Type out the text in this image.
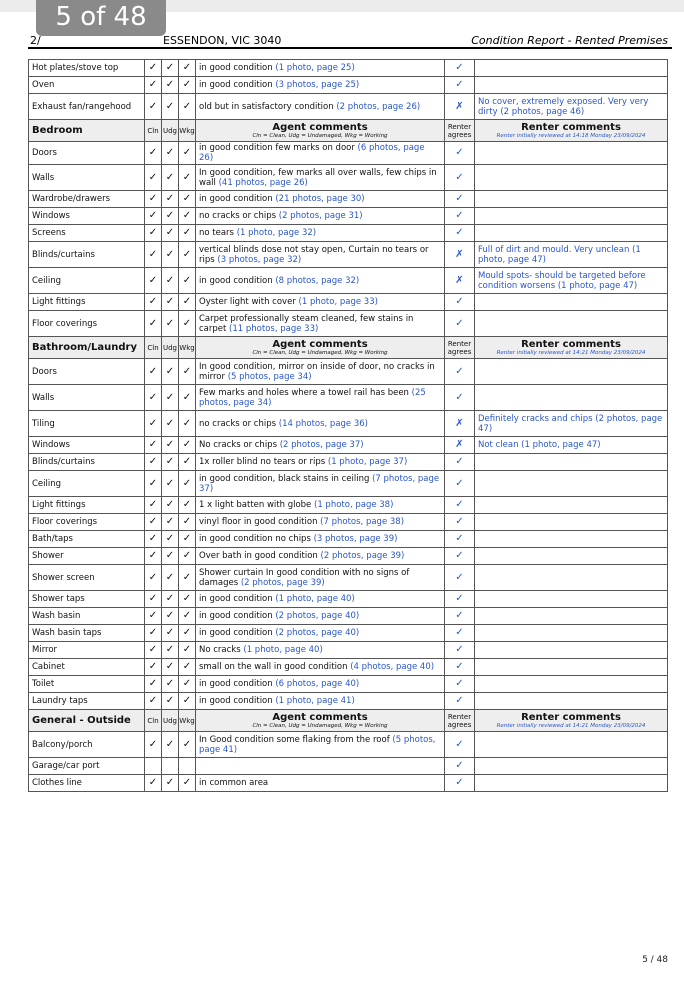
5 of 48
2/	ESSENDON, VIC 3040	Condition Report - Rented Premises
Hot plates/stove top	✓	✓	✓	in good condition (1 photo, page 25)	✓	
Oven	✓	✓	✓	in good condition (3 photos, page 25)	✓	
Exhaust fan/rangehood	✓	✓	✓	old but in satisfactory condition (2 photos, page 26)	✗	No cover, extremely exposed. Very very dirty (2 photos, page 46)
Bedroom	Cln	Udg	Wkg	Agent comments
Cln = Clean, Udg = Undamaged, Wkg = Working	Renter agrees	Renter comments
Renter initially reviewed at 14:18 Monday 23/09/2024

Doors	✓	✓	✓	in good condition few marks on door (6 photos, page 26)	✓	
Walls	✓	✓	✓	In good condition, few marks all over walls, few chips in wall (41 photos, page 26)	✓	
Wardrobe/drawers	✓	✓	✓	in good condition (21 photos, page 30)	✓	
Windows	✓	✓	✓	no cracks or chips (2 photos, page 31)	✓	
Screens	✓	✓	✓	no tears (1 photo, page 32)	✓	
Blinds/curtains	✓	✓	✓	vertical blinds dose not stay open, Curtain no tears or rips (3 photos, page 32)	✗	Full of dirt and mould. Very unclean (1 photo, page 47)
Ceiling	✓	✓	✓	in good condition (8 photos, page 32)	✗	Mould spots- should be targeted before condition worsens (1 photo, page 47)
Light fittings	✓	✓	✓	Oyster light with cover (1 photo, page 33)	✓	
Floor coverings	✓	✓	✓	Carpet professionally steam cleaned, few stains in carpet (11 photos, page 33)	✓	
Bathroom/Laundry	Cln	Udg	Wkg	Agent comments
Cln = Clean, Udg = Undamaged, Wkg = Working	Renter agrees	Renter comments
Renter initially reviewed at 14:21 Monday 23/09/2024

Doors	✓	✓	✓	In good condition, mirror on inside of door, no cracks in mirror (5 photos, page 34)	✓	
Walls	✓	✓	✓	Few marks and holes where a towel rail has been (25 photos, page 34)	✓	
Tiling	✓	✓	✓	no cracks or chips (14 photos, page 36)	✗	Definitely cracks and chips (2 photos, page 47)
Windows	✓	✓	✓	No cracks or chips (2 photos, page 37)	✗	Not clean (1 photo, page 47)
Blinds/curtains	✓	✓	✓	1x roller blind no tears or rips (1 photo, page 37)	✓	
Ceiling	✓	✓	✓	in good condition, black stains in ceiling (7 photos, page 37)	✓	
Light fittings	✓	✓	✓	1 x light batten with globe (1 photo, page 38)	✓	
Floor coverings	✓	✓	✓	vinyl floor in good condition (7 photos, page 38)	✓	
Bath/taps	✓	✓	✓	in good condition no chips (3 photos, page 39)	✓	
Shower	✓	✓	✓	Over bath in good condition (2 photos, page 39)	✓	
Shower screen	✓	✓	✓	Shower curtain In good condition with no signs of damages (2 photos, page 39)	✓	
Shower taps	✓	✓	✓	in good condition (1 photo, page 40)	✓	
Wash basin	✓	✓	✓	in good condition (2 photos, page 40)	✓	
Wash basin taps	✓	✓	✓	in good condition (2 photos, page 40)	✓	
Mirror	✓	✓	✓	No cracks (1 photo, page 40)	✓	
Cabinet	✓	✓	✓	small on the wall in good condition (4 photos, page 40)	✓	
Toilet	✓	✓	✓	in good condition (6 photos, page 40)	✓	
Laundry taps	✓	✓	✓	in good condition (1 photo, page 41)	✓	
General - Outside	Cln	Udg	Wkg	Agent comments
Cln = Clean, Udg = Undamaged, Wkg = Working	Renter agrees	Renter comments
Renter initially reviewed at 14:21 Monday 23/09/2024

Balcony/porch	✓	✓	✓	In Good condition some flaking from the roof (5 photos, page 41)	✓	
Garage/car port					✓	
Clothes line	✓	✓	✓	in common area	✓	
5 / 48
